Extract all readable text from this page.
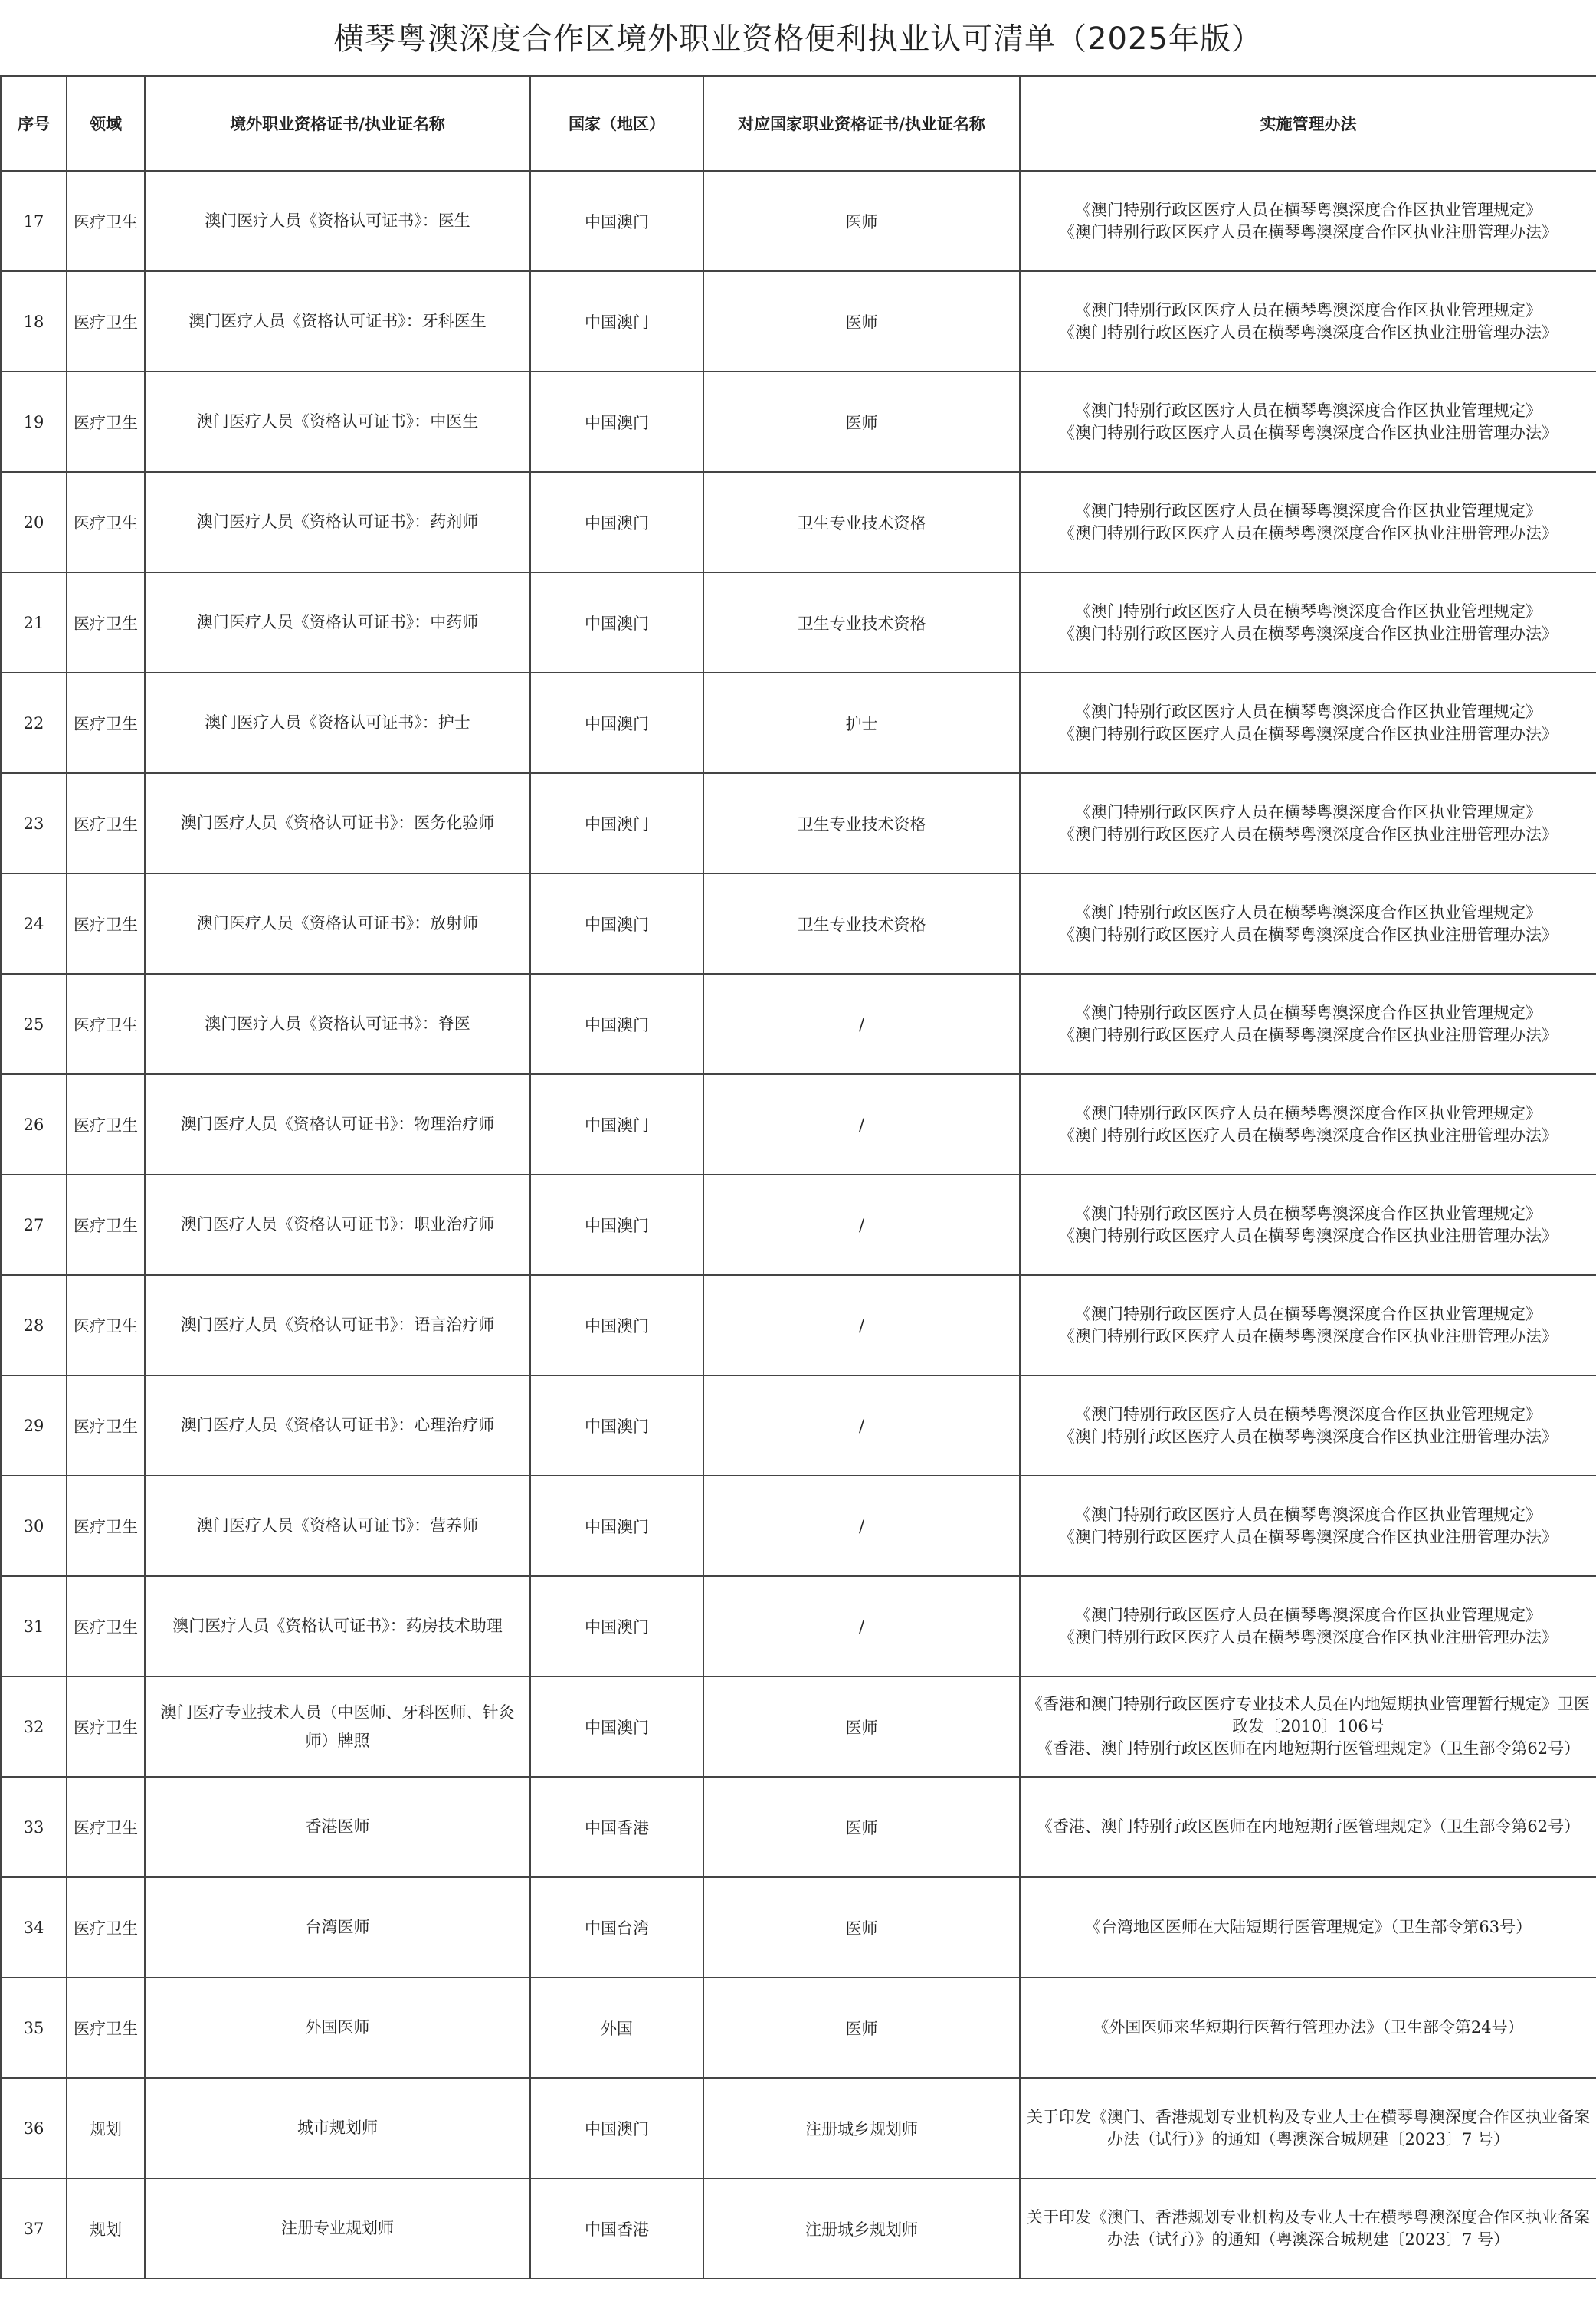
横琴粤澳深度合作区境外职业资格便利执业认可清单（2025年版）
序号	领域	境外职业资格证书/执业证名称	国家（地区）	对应国家职业资格证书/执业证名称	实施管理办法
17	医疗卫生	澳门医疗人员《资格认可证书》：医生	中国澳门	医师	《澳门特别行政区医疗人员在横琴粤澳深度合作区执业管理规定》
《澳门特别行政区医疗人员在横琴粤澳深度合作区执业注册管理办法》

18	医疗卫生	澳门医疗人员《资格认可证书》：牙科医生	中国澳门	医师	《澳门特别行政区医疗人员在横琴粤澳深度合作区执业管理规定》
《澳门特别行政区医疗人员在横琴粤澳深度合作区执业注册管理办法》

19	医疗卫生	澳门医疗人员《资格认可证书》：中医生	中国澳门	医师	《澳门特别行政区医疗人员在横琴粤澳深度合作区执业管理规定》
《澳门特别行政区医疗人员在横琴粤澳深度合作区执业注册管理办法》

20	医疗卫生	澳门医疗人员《资格认可证书》：药剂师	中国澳门	卫生专业技术资格	《澳门特别行政区医疗人员在横琴粤澳深度合作区执业管理规定》
《澳门特别行政区医疗人员在横琴粤澳深度合作区执业注册管理办法》

21	医疗卫生	澳门医疗人员《资格认可证书》：中药师	中国澳门	卫生专业技术资格	《澳门特别行政区医疗人员在横琴粤澳深度合作区执业管理规定》
《澳门特别行政区医疗人员在横琴粤澳深度合作区执业注册管理办法》

22	医疗卫生	澳门医疗人员《资格认可证书》：护士	中国澳门	护士	《澳门特别行政区医疗人员在横琴粤澳深度合作区执业管理规定》
《澳门特别行政区医疗人员在横琴粤澳深度合作区执业注册管理办法》

23	医疗卫生	澳门医疗人员《资格认可证书》：医务化验师	中国澳门	卫生专业技术资格	《澳门特别行政区医疗人员在横琴粤澳深度合作区执业管理规定》
《澳门特别行政区医疗人员在横琴粤澳深度合作区执业注册管理办法》

24	医疗卫生	澳门医疗人员《资格认可证书》：放射师	中国澳门	卫生专业技术资格	《澳门特别行政区医疗人员在横琴粤澳深度合作区执业管理规定》
《澳门特别行政区医疗人员在横琴粤澳深度合作区执业注册管理办法》

25	医疗卫生	澳门医疗人员《资格认可证书》：脊医	中国澳门	/	《澳门特别行政区医疗人员在横琴粤澳深度合作区执业管理规定》
《澳门特别行政区医疗人员在横琴粤澳深度合作区执业注册管理办法》

26	医疗卫生	澳门医疗人员《资格认可证书》：物理治疗师	中国澳门	/	《澳门特别行政区医疗人员在横琴粤澳深度合作区执业管理规定》
《澳门特别行政区医疗人员在横琴粤澳深度合作区执业注册管理办法》

27	医疗卫生	澳门医疗人员《资格认可证书》：职业治疗师	中国澳门	/	《澳门特别行政区医疗人员在横琴粤澳深度合作区执业管理规定》
《澳门特别行政区医疗人员在横琴粤澳深度合作区执业注册管理办法》

28	医疗卫生	澳门医疗人员《资格认可证书》：语言治疗师	中国澳门	/	《澳门特别行政区医疗人员在横琴粤澳深度合作区执业管理规定》
《澳门特别行政区医疗人员在横琴粤澳深度合作区执业注册管理办法》

29	医疗卫生	澳门医疗人员《资格认可证书》：心理治疗师	中国澳门	/	《澳门特别行政区医疗人员在横琴粤澳深度合作区执业管理规定》
《澳门特别行政区医疗人员在横琴粤澳深度合作区执业注册管理办法》

30	医疗卫生	澳门医疗人员《资格认可证书》：营养师	中国澳门	/	《澳门特别行政区医疗人员在横琴粤澳深度合作区执业管理规定》
《澳门特别行政区医疗人员在横琴粤澳深度合作区执业注册管理办法》

31	医疗卫生	澳门医疗人员《资格认可证书》：药房技术助理	中国澳门	/	《澳门特别行政区医疗人员在横琴粤澳深度合作区执业管理规定》
《澳门特别行政区医疗人员在横琴粤澳深度合作区执业注册管理办法》

32	医疗卫生	澳门医疗专业技术人员（中医师、牙科医师、针灸师）牌照	中国澳门	医师	《香港和澳门特别行政区医疗专业技术人员在内地短期执业管理暂行规定》卫医政发〔2010〕106号
《香港、澳门特别行政区医师在内地短期行医管理规定》（卫生部令第62号）

33	医疗卫生	香港医师	中国香港	医师	《香港、澳门特别行政区医师在内地短期行医管理规定》（卫生部令第62号）

34	医疗卫生	台湾医师	中国台湾	医师	《台湾地区医师在大陆短期行医管理规定》（卫生部令第63号）

35	医疗卫生	外国医师	外国	医师	《外国医师来华短期行医暂行管理办法》（卫生部令第24号）

36	规划	城市规划师	中国澳门	注册城乡规划师	关于印发《澳门、香港规划专业机构及专业人士在横琴粤澳深度合作区执业备案办法（试行）》的通知（粤澳深合城规建〔2023〕7 号）

37	规划	注册专业规划师	中国香港	注册城乡规划师	关于印发《澳门、香港规划专业机构及专业人士在横琴粤澳深度合作区执业备案办法（试行）》的通知（粤澳深合城规建〔2023〕7 号）
